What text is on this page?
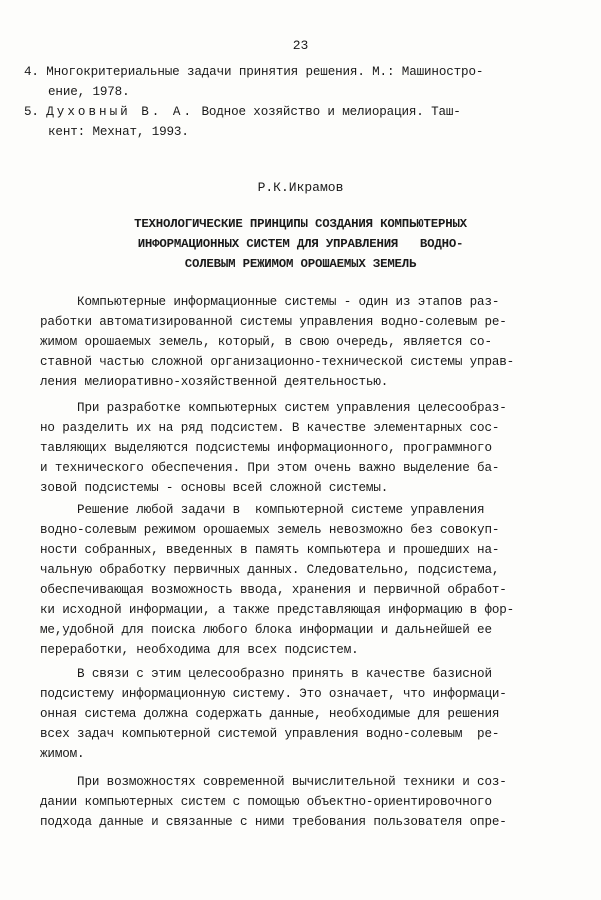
23
4. Многокритериальные задачи принятия решения. М.: Машиностро-
ение, 1978.
5. Духовный В. А. Водное хозяйство и мелиорация. Таш-
кент: Мехнат, 1993.
Р.К.Икрамов
ТЕХНОЛОГИЧЕСКИЕ ПРИНЦИПЫ СОЗДАНИЯ КОМПЬЮТЕРНЫХ
ИНФОРМАЦИОННЫХ СИСТЕМ ДЛЯ УПРАВЛЕНИЯ   ВОДНО-
СОЛЕВЫМ РЕЖИМОМ ОРОШАЕМЫХ ЗЕМЕЛЬ
Компьютерные информационные системы - один из этапов раз-
работки автоматизированной системы управления водно-солевым ре-
жимом орошаемых земель, который, в свою очередь, является со-
ставной частью сложной организационно-технической системы управ-
ления мелиоративно-хозяйственной деятельностью.
При разработке компьютерных систем управления целесообраз-
но разделить их на ряд подсистем. В качестве элементарных сос-
тавляющих выделяются подсистемы информационного, программного
и технического обеспечения. При этом очень важно выделение ба-
зовой подсистемы - основы всей сложной системы.
Решение любой задачи в  компьютерной системе управления
водно-солевым режимом орошаемых земель невозможно без совокуп-
ности собранных, введенных в память компьютера и прошедших на-
чальную обработку первичных данных. Следовательно, подсистема,
обеспечивающая возможность ввода, хранения и первичной обработ-
ки исходной информации, а также представляющая информацию в фор-
ме,удобной для поиска любого блока информации и дальнейшей ее
переработки, необходима для всех подсистем.
В связи с этим целесообразно принять в качестве базисной
подсистему информационную систему. Это означает, что информаци-
онная система должна содержать данные, необходимые для решения
всех задач компьютерной системой управления водно-солевым  ре-
жимом.
При возможностях современной вычислительной техники и соз-
дании компьютерных систем с помощью объектно-ориентировочного
подхода данные и связанные с ними требования пользователя опре-
